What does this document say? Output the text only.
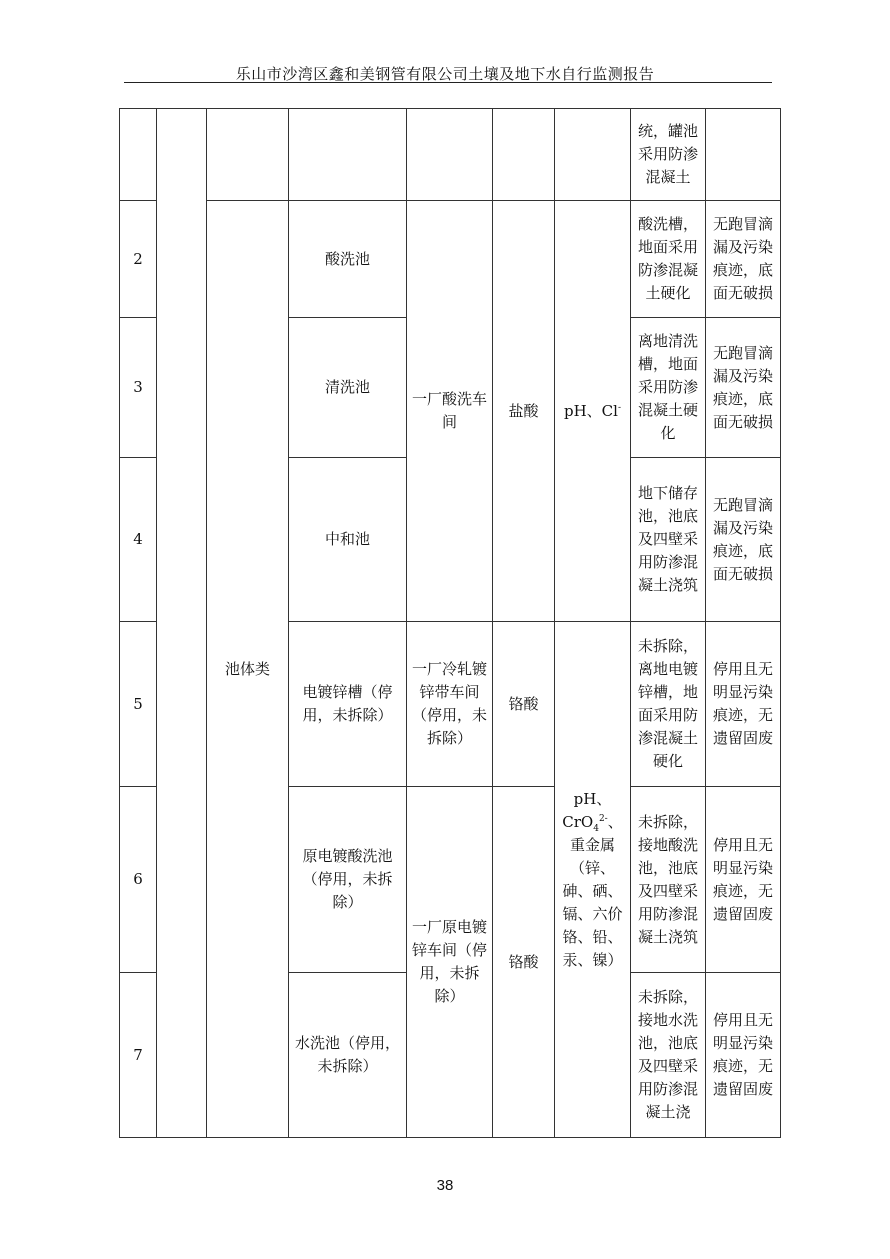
乐山市沙湾区鑫和美钢管有限公司土壤及地下水自行监测报告
							统，罐池采用防渗混凝土	
2		池体类	酸洗池	一厂酸洗车间	盐酸	pH、Cl-	酸洗槽，地面采用防渗混凝土硬化	无跑冒滴漏及污染痕迹，底面无破损
3			清洗池				离地清洗槽，地面采用防渗混凝土硬化	无跑冒滴漏及污染痕迹，底面无破损
4			中和池				地下储存池，池底及四壁采用防渗混凝土浇筑	无跑冒滴漏及污染痕迹，底面无破损
5			电镀锌槽（停用，未拆除）	一厂冷轧镀锌带车间（停用，未拆除）	铬酸	pH、CrO$_4^{2-}$、重金属（锌、砷、硒、镉、六价铬、铅、汞、镍）	未拆除，离地电镀锌槽，地面采用防渗混凝土硬化	停用且无明显污染痕迹，无遗留固废
6			原电镀酸洗池（停用，未拆除）	一厂原电镀锌车间（停用，未拆除）	铬酸		未拆除，接地酸洗池，池底及四壁采用防渗混凝土浇筑	停用且无明显污染痕迹，无遗留固废
7			水洗池（停用，未拆除）				未拆除，接地水洗池，池底及四壁采用防渗混凝土浇	停用且无明显污染痕迹，无遗留固废
38
